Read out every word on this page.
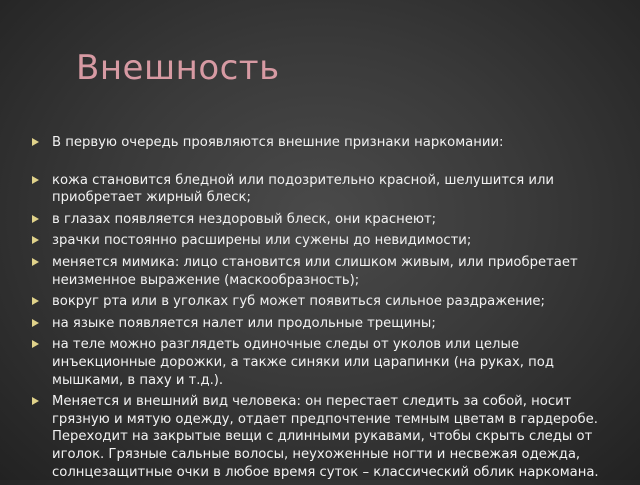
Внешность
В первую очередь проявляются внешние признаки наркомании:
кожа становится бледной или подозрительно красной, шелушится или приобретает жирный блеск;
в глазах появляется нездоровый блеск, они краснеют;
зрачки постоянно расширены или сужены до невидимости;
меняется мимика: лицо становится или слишком живым, или приобретает неизменное выражение (маскообразность);
вокруг рта или в уголках губ может появиться сильное раздражение;
на языке появляется налет или продольные трещины;
на теле можно разглядеть одиночные следы от уколов или целые инъекционные дорожки, а также синяки или царапинки (на руках, под мышками, в паху и т.д.).
Меняется и внешний вид человека: он перестает следить за собой, носит грязную и мятую одежду, отдает предпочтение темным цветам в гардеробе. Переходит на закрытые вещи с длинными рукавами, чтобы скрыть следы от иголок. Грязные сальные волосы, неухоженные ногти и несвежая одежда, солнцезащитные очки в любое время суток – классический облик наркомана.
